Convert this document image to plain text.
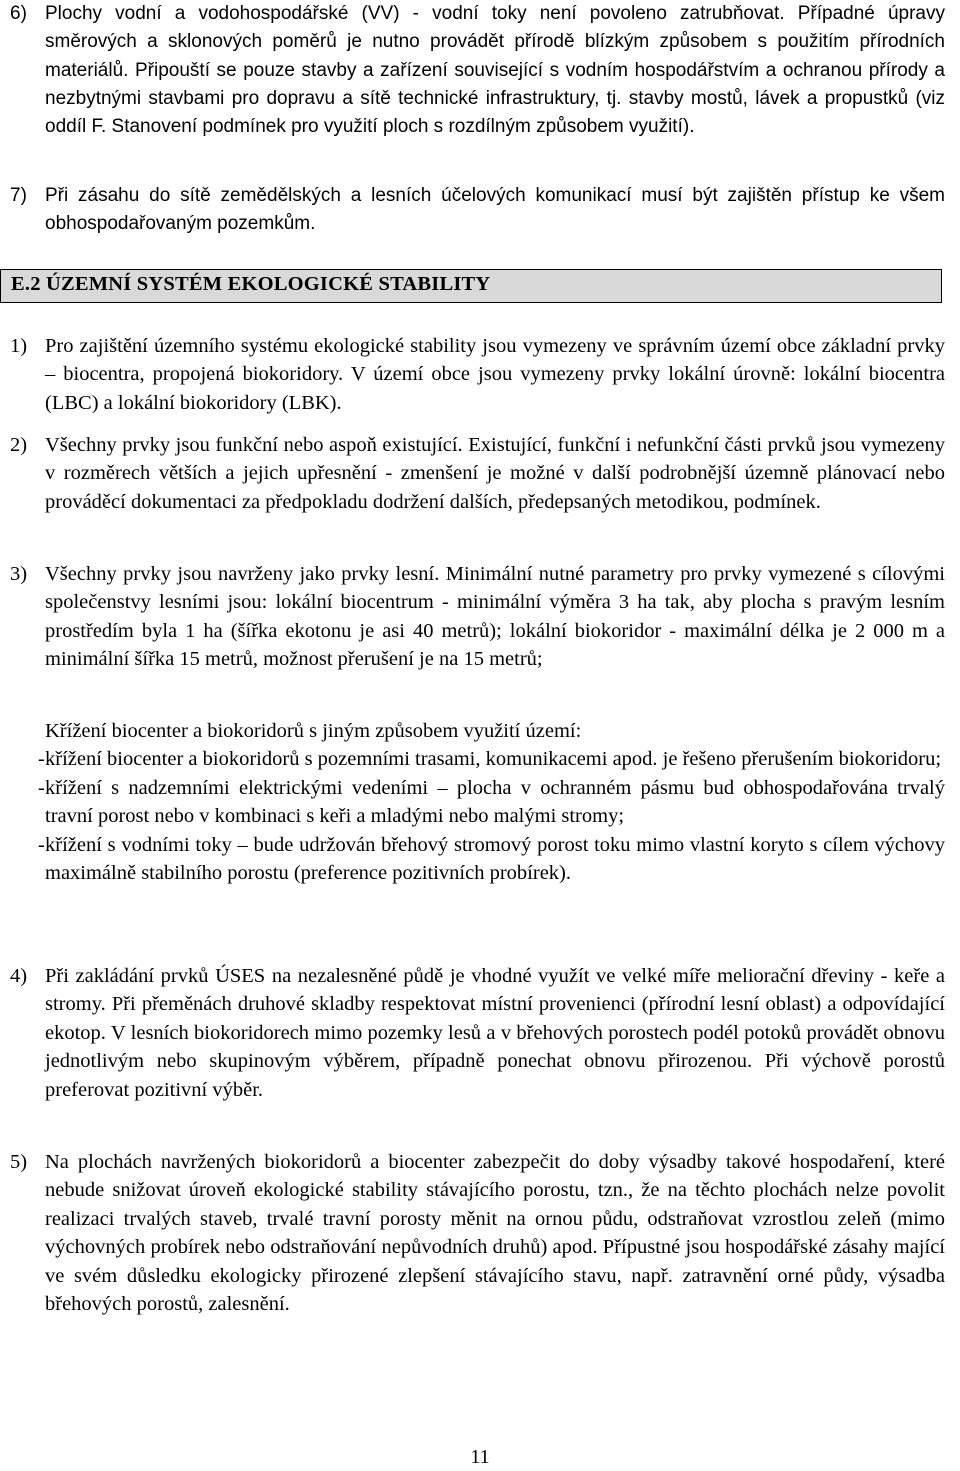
6) Plochy vodní a vodohospodářské (VV) - vodní toky není povoleno zatrubňovat. Případné úpravy směrových a sklonových poměrů je nutno provádět přírodě blízkým způsobem s použitím přírodních materiálů. Připouští se pouze stavby a zařízení související s vodním hospodářstvím a ochranou přírody a nezbytnými stavbami pro dopravu a sítě technické infrastruktury, tj. stavby mostů, lávek a propustků (viz oddíl F. Stanovení podmínek pro využití ploch s rozdílným způsobem využití).
7) Při zásahu do sítě zemědělských a lesních účelových komunikací musí být zajištěn přístup ke všem obhospodařovaným pozemkům.
E.2 ÚZEMNÍ SYSTÉM EKOLOGICKÉ STABILITY
1) Pro zajištění územního systému ekologické stability jsou vymezeny ve správním území obce základní prvky – biocentra, propojená biokoridory. V území obce jsou vymezeny prvky lokální úrovně: lokální biocentra (LBC) a lokální biokoridory (LBK).
2) Všechny prvky jsou funkční nebo aspoň existující. Existující, funkční i nefunkční části prvků jsou vymezeny v rozměrech větších a jejich upřesnění - zmenšení je možné v další podrobnější územně plánovací nebo prováděcí dokumentaci za předpokladu dodržení dalších, předepsaných metodikou, podmínek.
3) Všechny prvky jsou navrženy jako prvky lesní. Minimální nutné parametry pro prvky vymezené s cílovými společenstvy lesními jsou: lokální biocentrum - minimální výměra 3 ha tak, aby plocha s pravým lesním prostředím byla 1 ha (šířka ekotonu je asi 40 metrů); lokální biokoridor - maximální délka je 2 000 m a minimální šířka 15 metrů, možnost přerušení je na 15 metrů;
Křížení biocenter a biokoridorů s jiným způsobem využití území:
- křížení biocenter a biokoridorů s pozemními trasami, komunikacemi apod. je řešeno přerušením biokoridoru;
- křížení s nadzemními elektrickými vedeními – plocha v ochranném pásmu bud obhospodařována trvalý travní porost nebo v kombinaci s keři a mladými nebo malými stromy;
- křížení s vodními toky – bude udržován břehový stromový porost toku mimo vlastní koryto s cílem výchovy maximálně stabilního porostu (preference pozitivních probírek).
4) Při zakládání prvků ÚSES na nezalesněné půdě je vhodné využít ve velké míře meliorační dřeviny - keře a stromy. Při přeměnách druhové skladby respektovat místní provenienci (přírodní lesní oblast) a odpovídající ekotop. V lesních biokoridorech mimo pozemky lesů a v břehových porostech podél potoků provádět obnovu jednotlivým nebo skupinovým výběrem, případně ponechat obnovu přirozenou. Při výchově porostů preferovat pozitivní výběr.
5) Na plochách navržených biokoridorů a biocenter zabezpečit do doby výsadby takové hospodaření, které nebude snižovat úroveň ekologické stability stávajícího porostu, tzn., že na těchto plochách nelze povolit realizaci trvalých staveb, trvalé travní porosty měnit na ornou půdu, odstraňovat vzrostlou zeleň (mimo výchovných probírek nebo odstraňování nepůvodních druhů) apod. Přípustné jsou hospodářské zásahy mající ve svém důsledku ekologicky přirozené zlepšení stávajícího stavu, např. zatravnění orné půdy, výsadba břehových porostů, zalesnění.
11
